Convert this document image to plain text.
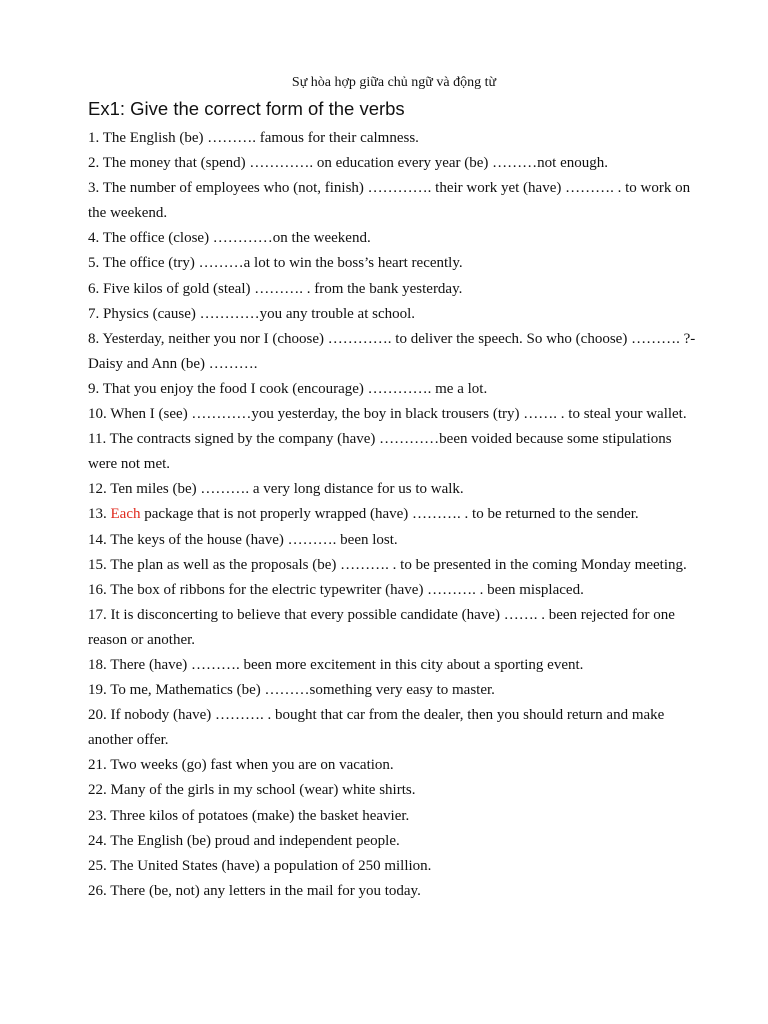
Sự hòa hợp giữa chủ ngữ và động từ
Ex1: Give the correct form of the verbs

1. The English (be) ………. famous for their calmness.

2. The money that (spend) …………. on education every year (be) ………not enough.

3. The number of employees who (not, finish) …………. their work yet (have) ………. . to work on the weekend.

4. The office (close) …………on the weekend.

5. The office (try) ………a lot to win the boss’s heart recently.

6. Five kilos of gold (steal) ………. . from the bank yesterday.

7. Physics (cause) …………you any trouble at school.

8. Yesterday, neither you nor I (choose) …………. to deliver the speech. So who (choose) ………. ?- Daisy and Ann (be) ……….

9. That you enjoy the food I cook (encourage) …………. me a lot.

10. When I (see) …………you yesterday, the boy in black trousers (try) ……. . to steal your wallet.

11. The contracts signed by the company (have) …………been voided because some stipulations were not met.

12. Ten miles (be) ………. a very long distance for us to walk.

13. Each package that is not properly wrapped (have) ………. . to be returned to the sender.

14. The keys of the house (have) ………. been lost.

15. The plan as well as the proposals (be) ………. . to be presented in the coming Monday meeting.

16. The box of ribbons for the electric typewriter (have) ………. . been misplaced.

17. It is disconcerting to believe that every possible candidate (have) ……. . been rejected for one reason or another.

18. There (have) ………. been more excitement in this city about a sporting event.

19. To me, Mathematics (be) ………something very easy to master.

20. If nobody (have) ………. . bought that car from the dealer, then you should return and make another offer.

21. Two weeks (go) fast when you are on vacation.

22. Many of the girls in my school (wear) white shirts.

23. Three kilos of potatoes (make) the basket heavier.

24. The English (be) proud and independent people.

25. The United States (have) a population of 250 million.

26. There (be, not) any letters in the mail for you today.
